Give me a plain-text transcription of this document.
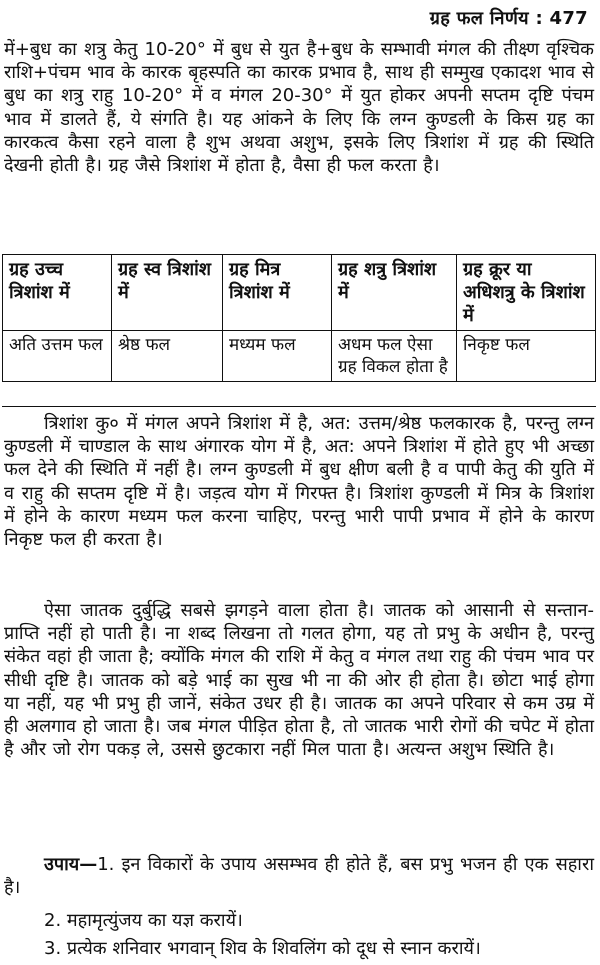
ग्रह फल निर्णय : 477

में+बुध का शत्रु केतु 10-20° में बुध से युत है+बुध के सम्भावी मंगल की तीक्ष्ण वृश्चिक राशि+पंचम भाव के कारक बृहस्पति का कारक प्रभाव है, साथ ही सम्मुख एकादश भाव से बुध का शत्रु राहु 10-20° में व मंगल 20-30° में युत होकर अपनी सप्तम दृष्टि पंचम भाव में डालते हैं, ये संगति है। यह आंकने के लिए कि लग्न कुण्डली के किस ग्रह का कारकत्व कैसा रहने वाला है शुभ अथवा अशुभ, इसके लिए त्रिशांश में ग्रह की स्थिति देखनी होती है। ग्रह जैसे त्रिशांश में होता है, वैसा ही फल करता है।

ग्रह उच्च त्रिशांश में	ग्रह स्व त्रिशांश में	ग्रह मित्र त्रिशांश में	ग्रह शत्रु त्रिशांश में	ग्रह क्रूर या अधिशत्रु के त्रिशांश में
अति उत्तम फल	श्रेष्ठ फल	मध्यम फल	अधम फल ऐसा ग्रह विकल होता है	निकृष्ट फल

त्रिशांश कु० में मंगल अपने त्रिशांश में है, अत: उत्तम/श्रेष्ठ फलकारक है, परन्तु लग्न कुण्डली में चाण्डाल के साथ अंगारक योग में है, अत: अपने त्रिशांश में होते हुए भी अच्छा फल देने की स्थिति में नहीं है। लग्न कुण्डली में बुध क्षीण बली है व पापी केतु की युति में व राहु की सप्तम दृष्टि में है। जड़त्व योग में गिरफ्त है। त्रिशांश कुण्डली में मित्र के त्रिशांश में होने के कारण मध्यम फल करना चाहिए, परन्तु भारी पापी प्रभाव में होने के कारण निकृष्ट फल ही करता है।

ऐसा जातक दुर्बुद्धि सबसे झगड़ने वाला होता है। जातक को आसानी से सन्तान-प्राप्ति नहीं हो पाती है। ना शब्द लिखना तो गलत होगा, यह तो प्रभु के अधीन है, परन्तु संकेत वहां ही जाता है; क्योंकि मंगल की राशि में केतु व मंगल तथा राहु की पंचम भाव पर सीधी दृष्टि है। जातक को बड़े भाई का सुख भी ना की ओर ही होता है। छोटा भाई होगा या नहीं, यह भी प्रभु ही जानें, संकेत उधर ही है। जातक का अपने परिवार से कम उम्र में ही अलगाव हो जाता है। जब मंगल पीड़ित होता है, तो जातक भारी रोगों की चपेट में होता है और जो रोग पकड़ ले, उससे छुटकारा नहीं मिल पाता है। अत्यन्त अशुभ स्थिति है।

उपाय—1. इन विकारों के उपाय असम्भव ही होते हैं, बस प्रभु भजन ही एक सहारा है।

2. महामृत्युंजय का यज्ञ करायें।

3. प्रत्येक शनिवार भगवान् शिव के शिवलिंग को दूध से स्नान करायें।
